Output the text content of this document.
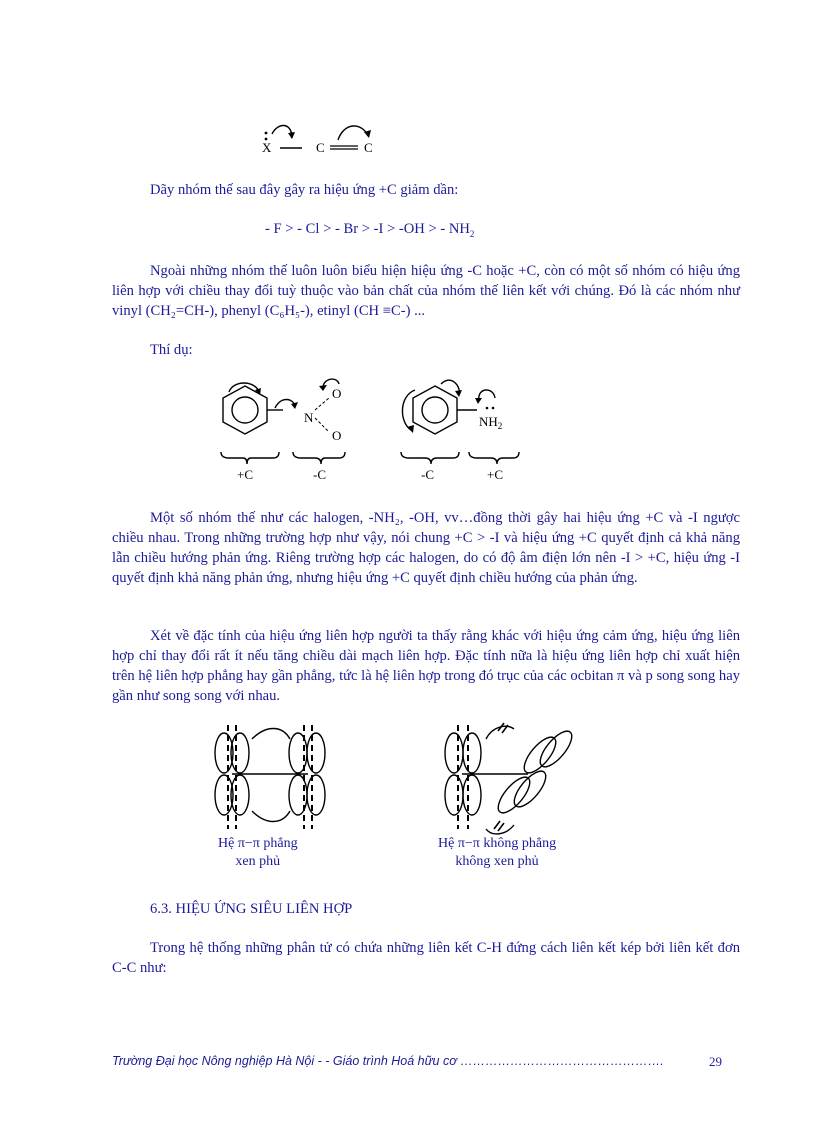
X	C	C

Dãy nhóm thế sau đây gây ra hiệu ứng +C giảm dần:

- F > - Cl > - Br > -I > -OH > - $NH_2$

Ngoài những nhóm thế luôn luôn biểu hiện hiệu ứng -C hoặc +C, còn có một số nhóm có hiệu ứng liên hợp với chiều thay đổi tuỳ thuộc vào bản chất của nhóm thế liên kết với chúng. Đó là các nhóm như vinyl (CH₂=CH-), phenyl (C₆H₅-), etinyl (CH ≡C-) ...

Thí dụ:

N
O
O
$NH_2$
+C	-C	-C	+C

Một số nhóm thế như các halogen, -NH₂, -OH, vv…đồng thời gây hai hiệu ứng +C và -I ngược chiều nhau. Trong những trường hợp như vậy, nói chung +C > -I và hiệu ứng +C quyết định cả khả năng lẫn chiều hướng phản ứng. Riêng trường hợp các halogen, do có độ âm điện lớn nên -I > +C, hiệu ứng -I quyết định khả năng phản ứng, nhưng hiệu ứng +C quyết định chiều hướng của phản ứng.

Xét về đặc tính của hiệu ứng liên hợp người ta thấy rằng khác với hiệu ứng cảm ứng, hiệu ứng liên hợp chỉ thay đổi rất ít nếu tăng chiều dài mạch liên hợp. Đặc tính nữa là hiệu ứng liên hợp chỉ xuất hiện trên hệ liên hợp phẳng hay gần phẳng, tức là hệ liên hợp trong đó trục của các ocbitan π và p song song hay gần như song song với nhau.

Hệ π−π phẳng
xen phủ
Hệ π−π không phẳng
không xen phủ
6.3. HIỆU ỨNG SIÊU LIÊN HỢP

Trong hệ thống những phân tử có chứa những liên kết C-H đứng cách liên kết kép bởi liên kết đơn C-C như:

Trường Đại học Nông nghiệp Hà Nội - - Giáo trình Hoá hữu cơ ………………………………………….	29
